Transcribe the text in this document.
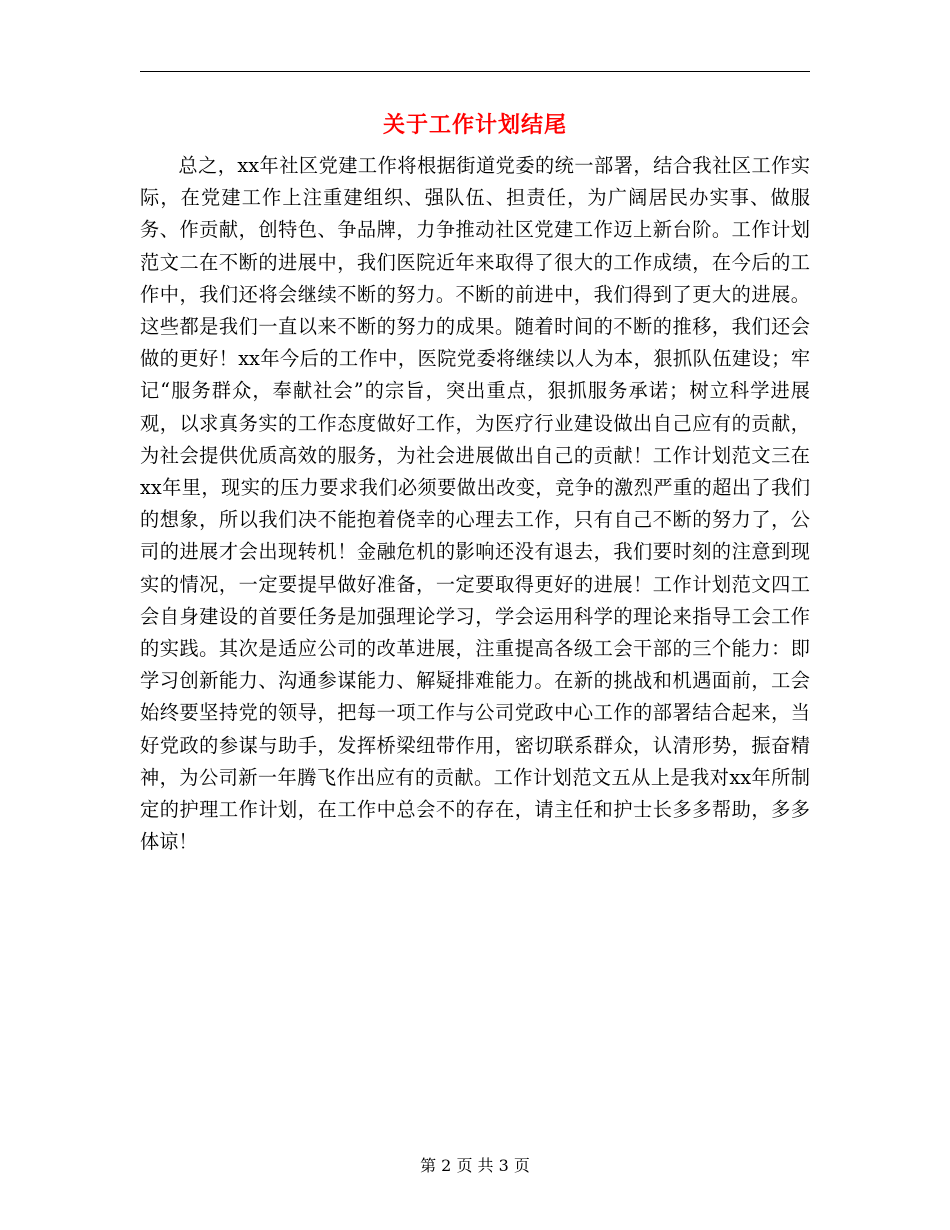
关于工作计划结尾

总之，xx年社区党建工作将根据街道党委的统一部署，结合我社区工作实际，在党建工作上注重建组织、强队伍、担责任，为广阔居民办实事、做服务、作贡献，创特色、争品牌，力争推动社区党建工作迈上新台阶。工作计划范文二在不断的进展中，我们医院近年来取得了很大的工作成绩，在今后的工作中，我们还将会继续不断的努力。不断的前进中，我们得到了更大的进展。这些都是我们一直以来不断的努力的成果。随着时间的不断的推移，我们还会做的更好！xx年今后的工作中，医院党委将继续以人为本，狠抓队伍建设；牢记“服务群众，奉献社会”的宗旨，突出重点，狠抓服务承诺；树立科学进展观，以求真务实的工作态度做好工作，为医疗行业建设做出自己应有的贡献，为社会提供优质高效的服务，为社会进展做出自己的贡献！工作计划范文三在xx年里，现实的压力要求我们必须要做出改变，竞争的激烈严重的超出了我们的想象，所以我们决不能抱着侥幸的心理去工作，只有自己不断的努力了，公司的进展才会出现转机！金融危机的影响还没有退去，我们要时刻的注意到现实的情况，一定要提早做好准备，一定要取得更好的进展！工作计划范文四工会自身建设的首要任务是加强理论学习，学会运用科学的理论来指导工会工作的实践。其次是适应公司的改革进展，注重提高各级工会干部的三个能力：即学习创新能力、沟通参谋能力、解疑排难能力。在新的挑战和机遇面前，工会始终要坚持党的领导，把每一项工作与公司党政中心工作的部署结合起来，当好党政的参谋与助手，发挥桥梁纽带作用，密切联系群众，认清形势，振奋精神，为公司新一年腾飞作出应有的贡献。工作计划范文五从上是我对xx年所制定的护理工作计划，在工作中总会不的存在，请主任和护士长多多帮助，多多体谅！

第 2 页 共 3 页
